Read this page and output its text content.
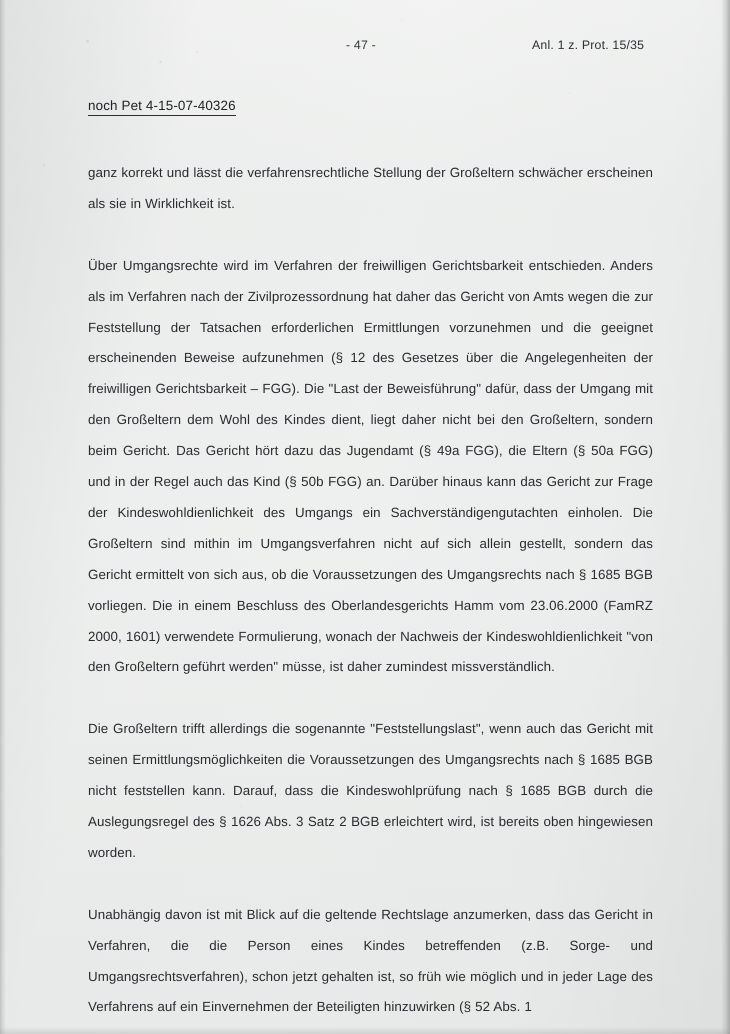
- 47 -	Anl. 1 z. Prot. 15/35
noch Pet 4-15-07-40326

ganz korrekt und lässt die verfahrensrechtliche Stellung der Großeltern schwächer erscheinen als sie in Wirklichkeit ist.

Über Umgangsrechte wird im Verfahren der freiwilligen Gerichtsbarkeit entschieden. Anders als im Verfahren nach der Zivilprozessordnung hat daher das Gericht von Amts wegen die zur Feststellung der Tatsachen erforderlichen Ermittlungen vorzunehmen und die geeignet erscheinenden Beweise aufzunehmen (§ 12 des Gesetzes über die Angelegenheiten der freiwilligen Gerichtsbarkeit – FGG). Die "Last der Beweisführung" dafür, dass der Umgang mit den Großeltern dem Wohl des Kindes dient, liegt daher nicht bei den Großeltern, sondern beim Gericht. Das Gericht hört dazu das Jugendamt (§ 49a FGG), die Eltern (§ 50a FGG) und in der Regel auch das Kind (§ 50b FGG) an. Darüber hinaus kann das Gericht zur Frage der Kindeswohldienlichkeit des Umgangs ein Sachverständigengutachten einholen. Die Großeltern sind mithin im Umgangsverfahren nicht auf sich allein gestellt, sondern das Gericht ermittelt von sich aus, ob die Voraussetzungen des Umgangsrechts nach § 1685 BGB vorliegen. Die in einem Beschluss des Oberlandesgerichts Hamm vom 23.06.2000 (FamRZ 2000, 1601) verwendete Formulierung, wonach der Nachweis der Kindeswohldienlichkeit "von den Großeltern geführt werden" müsse, ist daher zumindest missverständlich.

Die Großeltern trifft allerdings die sogenannte "Feststellungslast", wenn auch das Gericht mit seinen Ermittlungsmöglichkeiten die Voraussetzungen des Umgangsrechts nach § 1685 BGB nicht feststellen kann. Darauf, dass die Kindeswohlprüfung nach § 1685 BGB durch die Auslegungsregel des § 1626 Abs. 3 Satz 2 BGB erleichtert wird, ist bereits oben hingewiesen worden.

Unabhängig davon ist mit Blick auf die geltende Rechtslage anzumerken, dass das Gericht in Verfahren, die die Person eines Kindes betreffenden (z.B. Sorge- und Umgangsrechtsverfahren), schon jetzt gehalten ist, so früh wie möglich und in jeder Lage des Verfahrens auf ein Einvernehmen der Beteiligten hinzuwirken (§ 52 Abs. 1
